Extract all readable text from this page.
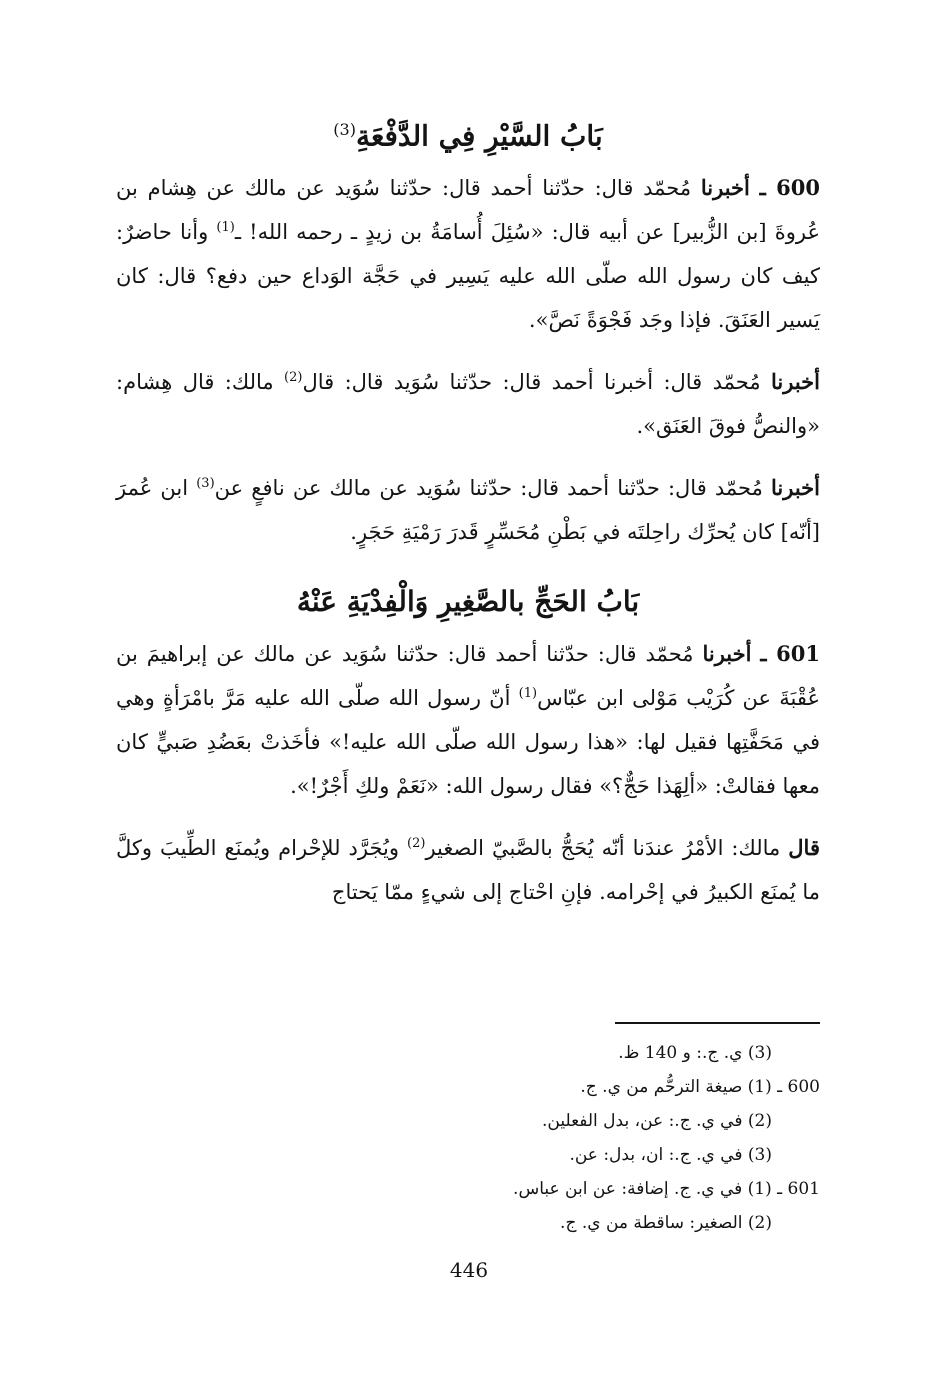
بَابُ السَّيْرِ فِي الدَّفْعَةِ$^{(3)}$

600 ـ أخبرنا مُحمّد قال: حدّثنا أحمد قال: حدّثنا سُوَيد عن مالك عن هِشام بن عُروةَ [بن الزُّبير] عن أبيه قال: «سُئِلَ أُسامَةُ بن زيدٍ ـ رحمه الله! ـ$^{(1)}$ وأنا حاضرٌ: كيف كان رسول الله صلّى الله عليه يَسِير في حَجَّة الوَداع حين دفع؟ قال: كان يَسير العَنَقَ. فإذا وجَد فَجْوَةً نَصَّ».

أخبرنا مُحمّد قال: أخبرنا أحمد قال: حدّثنا سُوَيد قال: قال$^{(2)}$ مالك: قال هِشام: «والنصُّ فوقَ العَنَق».

أخبرنا مُحمّد قال: حدّثنا أحمد قال: حدّثنا سُوَيد عن مالك عن نافعٍ عن$^{(3)}$ ابن عُمرَ [أنّه] كان يُحرِّك راحِلتَه في بَطْنِ مُحَسِّرٍ قَدرَ رَمْيَةِ حَجَرٍ.

بَابُ الحَجِّ بالصَّغِيرِ وَالْفِدْيَةِ عَنْهُ

601 ـ أخبرنا مُحمّد قال: حدّثنا أحمد قال: حدّثنا سُوَيد عن مالك عن إبراهيمَ بن عُقْبَةَ عن كُرَيْب مَوْلى ابن عبّاس$^{(1)}$ أنّ رسول الله صلّى الله عليه مَرَّ بامْرَأةٍ وهي في مَحَفَّتِها فقيل لها: «هذا رسول الله صلّى الله عليه!» فأخَذتْ بعَضُدِ صَبيٍّ كان معها فقالتْ: «ألِهَذا حَجٌّ؟» فقال رسول الله: «نَعَمْ ولكِ أَجْرٌ!».

قال مالك: الأمْرُ عندَنا أنّه يُحَجُّ بالصَّبيّ الصغير$^{(2)}$ ويُجَرَّد للإحْرام ويُمنَع الطِّيبَ وكلَّ ما يُمنَع الكبيرُ في إحْرامه. فإنِ احْتاج إلى شيءٍ ممّا يَحتاج

(3) ي. ج.: و 140 ظ.

600 ـ (1) صيغة الترحُّم من ي. ج.

(2) في ي. ج.: عن، بدل الفعلين.

(3) في ي. ج.: ان، بدل: عن.

601 ـ (1) في ي. ج. إضافة: عن ابن عباس.

(2) الصغير: ساقطة من ي. ج.

446
